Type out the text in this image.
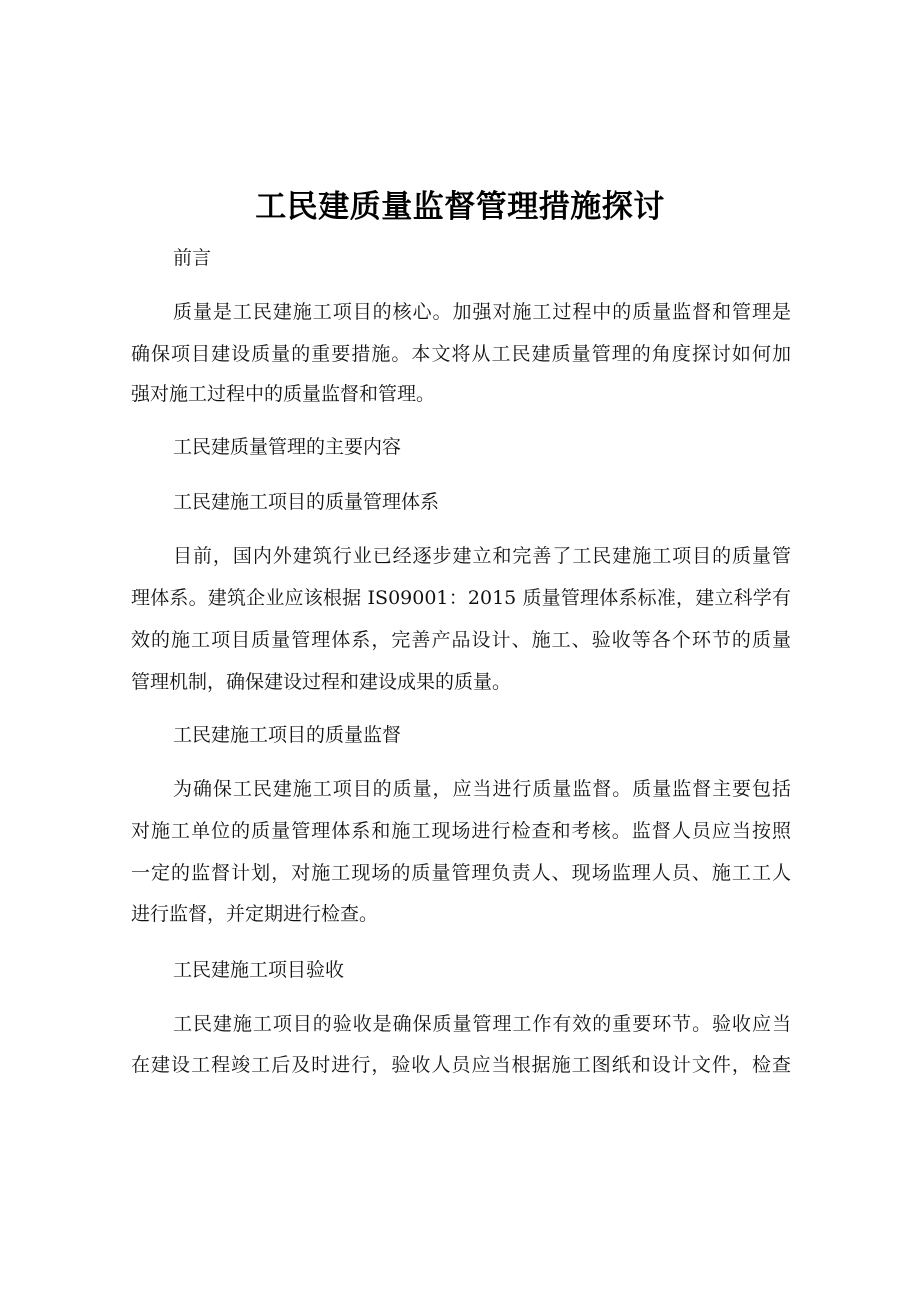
工民建质量监督管理措施探讨

前言

质量是工民建施工项目的核心。加强对施工过程中的质量监督和管理是

确保项目建设质量的重要措施。本文将从工民建质量管理的角度探讨如何加

强对施工过程中的质量监督和管理。

工民建质量管理的主要内容

工民建施工项目的质量管理体系

目前，国内外建筑行业已经逐步建立和完善了工民建施工项目的质量管

理体系。建筑企业应该根据 IS09001：2015 质量管理体系标准，建立科学有

效的施工项目质量管理体系，完善产品设计、施工、验收等各个环节的质量

管理机制，确保建设过程和建设成果的质量。

工民建施工项目的质量监督

为确保工民建施工项目的质量，应当进行质量监督。质量监督主要包括

对施工单位的质量管理体系和施工现场进行检查和考核。监督人员应当按照

一定的监督计划，对施工现场的质量管理负责人、现场监理人员、施工工人

进行监督，并定期进行检查。

工民建施工项目验收

工民建施工项目的验收是确保质量管理工作有效的重要环节。验收应当

在建设工程竣工后及时进行，验收人员应当根据施工图纸和设计文件，检查
